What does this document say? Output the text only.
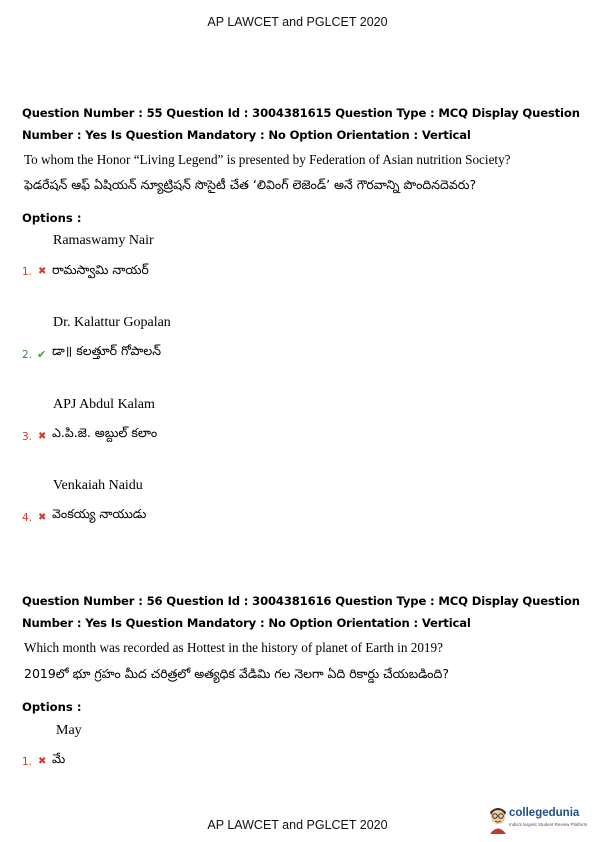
AP LAWCET and PGLCET 2020
Question Number : 55 Question Id : 3004381615 Question Type : MCQ Display Question
Number : Yes Is Question Mandatory : No Option Orientation : Vertical
To whom the Honor “Living Legend” is presented by Federation of Asian nutrition Society?
ఫెడరేషన్ ఆఫ్ ఏషియన్ న్యూట్రిషన్ సొసైటీ చేత ‘లివింగ్ లెజెండ్’ అనే గౌరవాన్ని పొందినదెవరు?
Options :
Ramaswamy Nair
1. ✖ రామస్వామి నాయర్
Dr. Kalattur Gopalan
2. ✔ డా॥ కలత్తూర్ గోపాలన్
APJ Abdul Kalam
3. ✖ ఎ.పి.జె. అబ్దుల్ కలాం
Venkaiah Naidu
4. ✖ వెంకయ్య నాయుడు
Question Number : 56 Question Id : 3004381616 Question Type : MCQ Display Question
Number : Yes Is Question Mandatory : No Option Orientation : Vertical
Which month was recorded as Hottest in the history of planet of Earth in 2019?
2019లో భూ గ్రహం మీద చరిత్రలో అత్యధిక వేడిమి గల నెలగా ఏది రికార్డు చేయబడింది?
Options :
May
1. ✖ మే
AP LAWCET and PGLCET 2020
collegedunia
India's largest Student Review Platform
